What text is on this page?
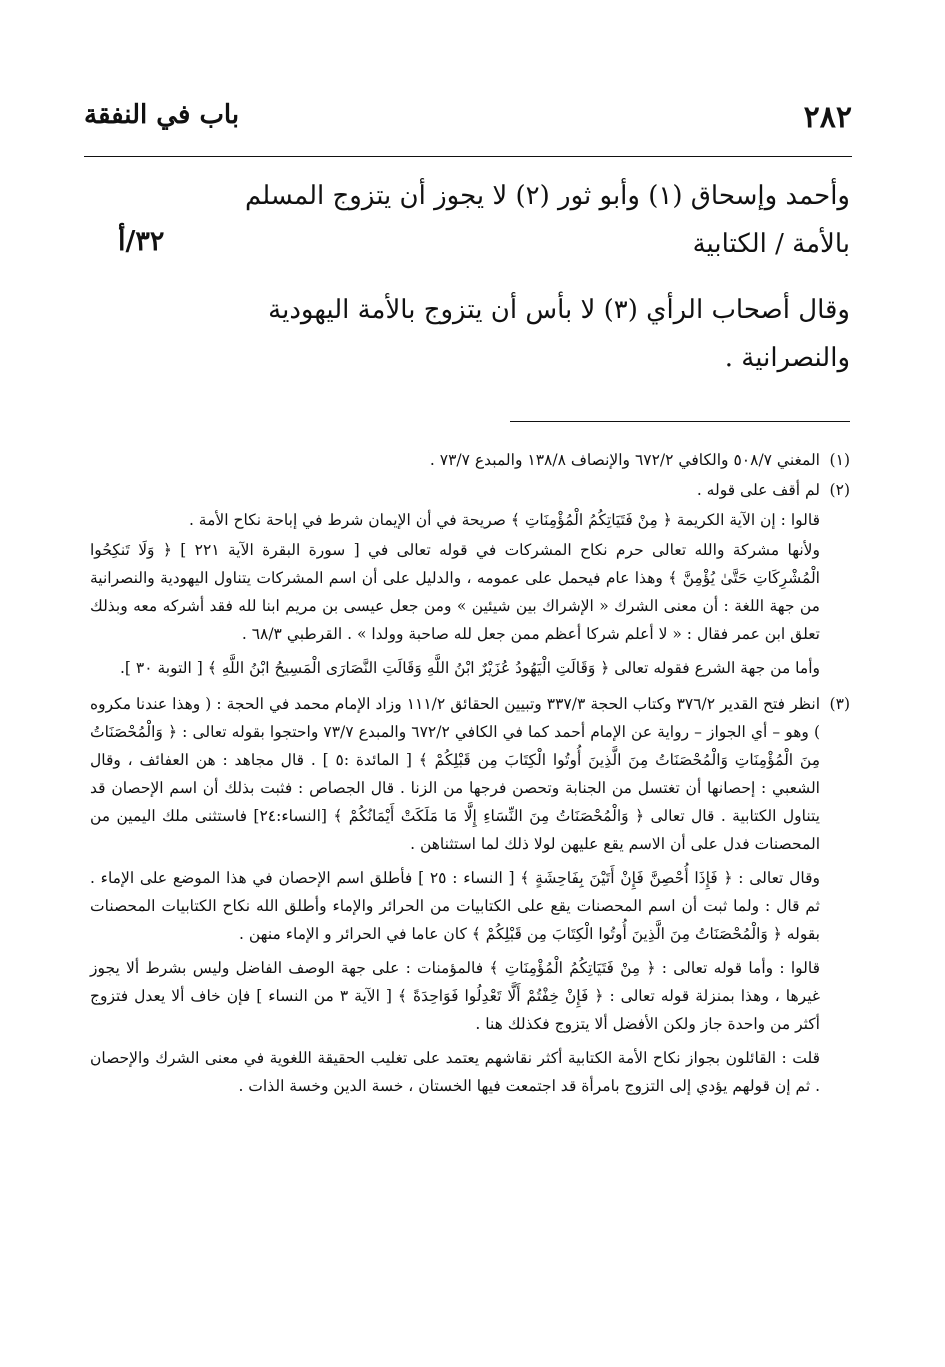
٢٨٢
باب في النفقة

وأحمد وإسحاق (١) وأبو ثور (٢) لا يجوز أن يتزوج المسلم
بالأمة / الكتابية

وقال أصحاب الرأي (٣) لا بأس أن يتزوج بالأمة اليهودية
والنصرانية .

٣٢/أ
(١)
المغني ٥٠٨/٧ والكافي ٦٧٢/٢ والإنصاف ١٣٨/٨ والمبدع ٧٣/٧ .
(٢)
لم أقف على قوله .

قالوا : إن الآية الكريمة ﴿ مِنْ فَتَيَاتِكُمُ الْمُؤْمِنَاتِ ﴾ صريحة في أن الإيمان شرط في إباحة نكاح الأمة .

ولأنها مشركة والله تعالى حرم نكاح المشركات في قوله تعالى في [ سورة البقرة الآية ٢٢١ ] ﴿ وَلَا تَنكِحُوا الْمُشْرِكَاتِ حَتَّىٰ يُؤْمِنَّ ﴾ وهذا عام فيحمل على عمومه ، والدليل على أن اسم المشركات يتناول اليهودية والنصرانية من جهة اللغة : أن معنى الشرك « الإشراك بين شيئين » ومن جعل عيسى بن مريم ابنا لله فقد أشركه معه وبذلك تعلق ابن عمر فقال : « لا أعلم شركا أعظم ممن جعل لله صاحبة وولدا » . القرطبي ٦٨/٣ .

وأما من جهة الشرع فقوله تعالى ﴿ وَقَالَتِ الْيَهُودُ عُزَيْرٌ ابْنُ اللَّهِ وَقَالَتِ النَّصَارَى الْمَسِيحُ ابْنُ اللَّهِ ﴾ [ التوبة ٣٠ ].

(٣)
انظر فتح القدير ٣٧٦/٢ وكتاب الحجة ٣٣٧/٣ وتبيين الحقائق ١١١/٢ وزاد الإمام محمد في الحجة : ( وهذا عندنا مكروه ) وهو – أي الجواز – رواية عن الإمام أحمد كما في الكافي ٦٧٢/٢ والمبدع ٧٣/٧ واحتجوا بقوله تعالى : ﴿ وَالْمُحْصَنَاتُ مِنَ الْمُؤْمِنَاتِ وَالْمُحْصَنَاتُ مِنَ الَّذِينَ أُوتُوا الْكِتَابَ مِن قَبْلِكُمْ ﴾ [ المائدة :٥ ] . قال مجاهد : هن العفائف ، وقال الشعبي : إحصانها أن تغتسل من الجنابة وتحصن فرجها من الزنا . قال الجصاص : فثبت بذلك أن اسم الإحصان قد يتناول الكتابية . قال تعالى ﴿ وَالْمُحْصَنَاتُ مِنَ النِّسَاءِ إِلَّا مَا مَلَكَتْ أَيْمَانُكُمْ ﴾ [النساء:٢٤] فاستثنى ملك اليمين من المحصنات فدل على أن الاسم يقع عليهن لولا ذلك لما استثناهن .

وقال تعالى : ﴿ فَإِذَا أُحْصِنَّ فَإِنْ أَتَيْنَ بِفَاحِشَةٍ ﴾ [ النساء : ٢٥ ] فأطلق اسم الإحصان في هذا الموضع على الإماء . ثم قال : ولما ثبت أن اسم المحصنات يقع على الكتابيات من الحرائر والإماء وأطلق الله نكاح الكتابيات المحصنات بقوله ﴿ وَالْمُحْصَنَاتُ مِنَ الَّذِينَ أُوتُوا الْكِتَابَ مِن قَبْلِكُمْ ﴾ كان عاما في الحرائر و الإماء منهن .

قالوا : وأما قوله تعالى : ﴿ مِنْ فَتَيَاتِكُمُ الْمُؤْمِنَاتِ ﴾ فالمؤمنات : على جهة الوصف الفاضل وليس بشرط ألا يجوز غيرها ، وهذا بمنزلة قوله تعالى : ﴿ فَإِنْ خِفْتُمْ أَلَّا تَعْدِلُوا فَوَاحِدَةً ﴾ [ الآية ٣ من النساء ] فإن خاف ألا يعدل فتزوج أكثر من واحدة جاز ولكن الأفضل ألا يتزوج فكذلك هنا .

قلت : القائلون بجواز نكاح الأمة الكتابية أكثر نقاشهم يعتمد على تغليب الحقيقة اللغوية في معنى الشرك والإحصان . ثم إن قولهم يؤدي إلى التزوج بامرأة قد اجتمعت فيها الخستان ، خسة الدين وخسة الذات .
